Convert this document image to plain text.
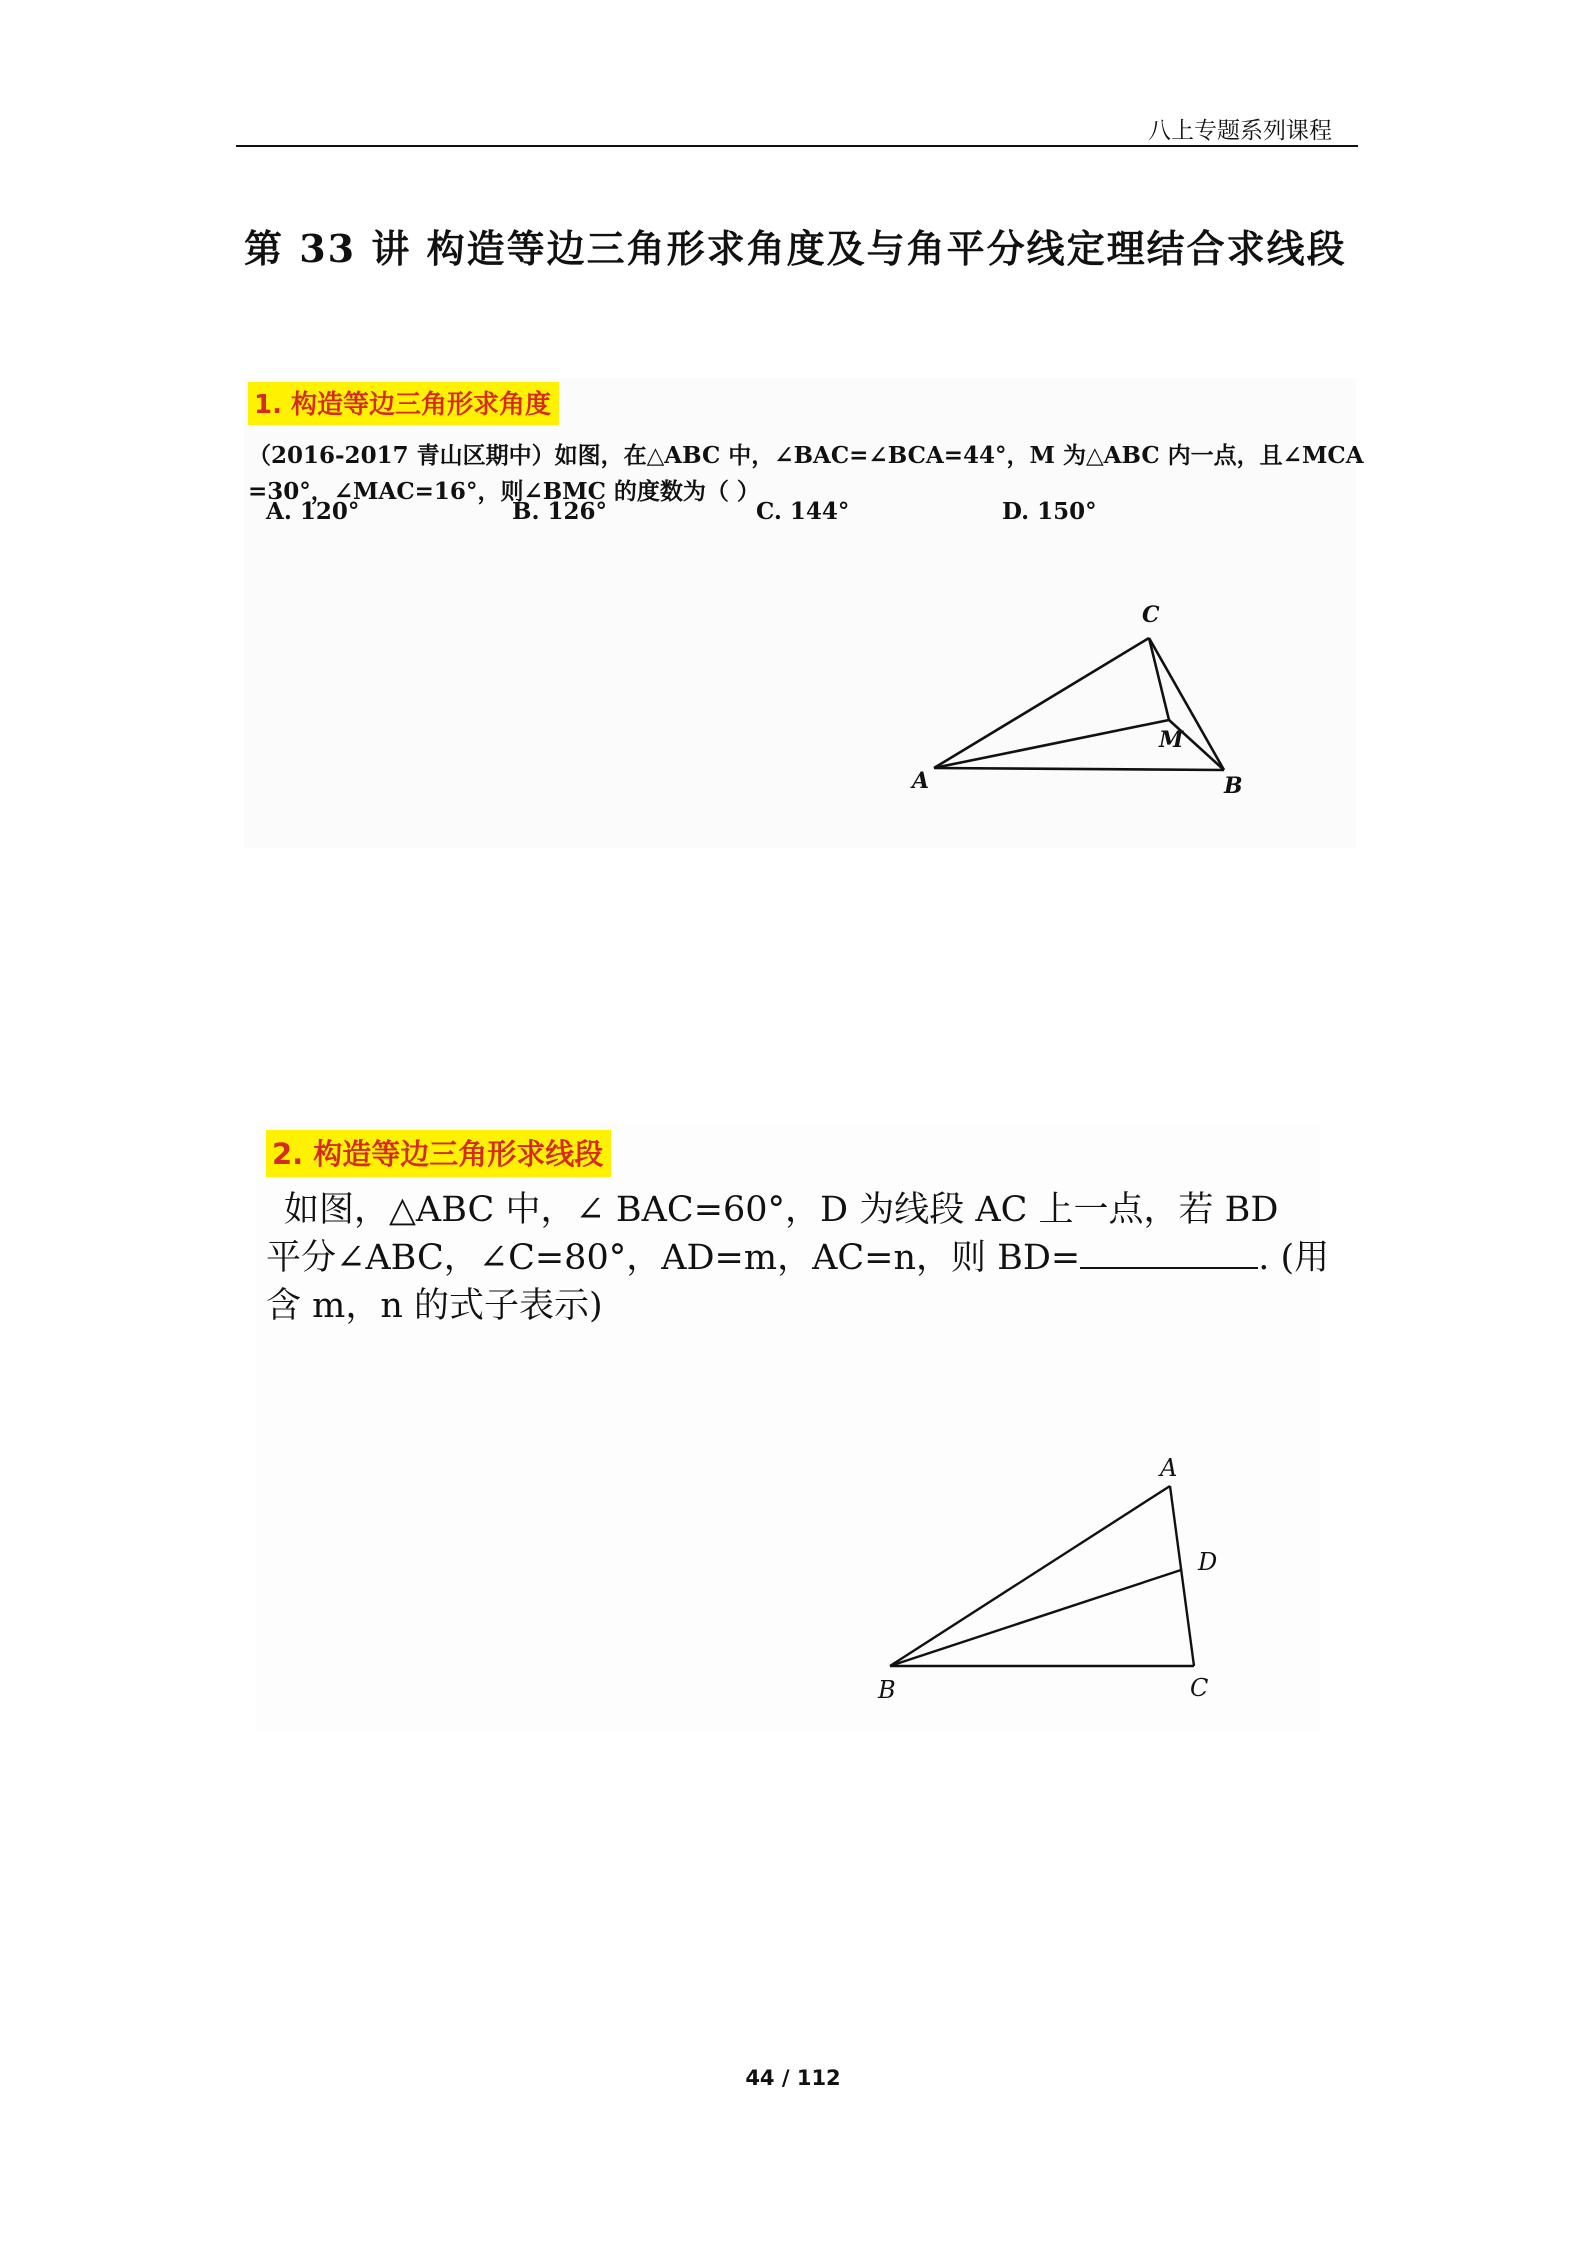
八上专题系列课程
第 33 讲 构造等边三角形求角度及与角平分线定理结合求线段
1. 构造等边三角形求角度
（2016-2017 青山区期中）如图，在△ABC 中，∠BAC=∠BCA=44°，M 为△ABC 内一点，且∠MCA
=30°，∠MAC=16°，则∠BMC 的度数为（ ）
A. 120°	B. 126°	C. 144°	D. 150°
C
M
A	B
2. 构造等边三角形求线段
如图，△ABC 中，∠ BAC=60°，D 为线段 AC 上一点，若 BD
平分∠ABC，∠C=80°，AD=m，AC=n，则 BD=	. (用
含 m，n 的式子表示)
A
D
B	C
44 / 112
